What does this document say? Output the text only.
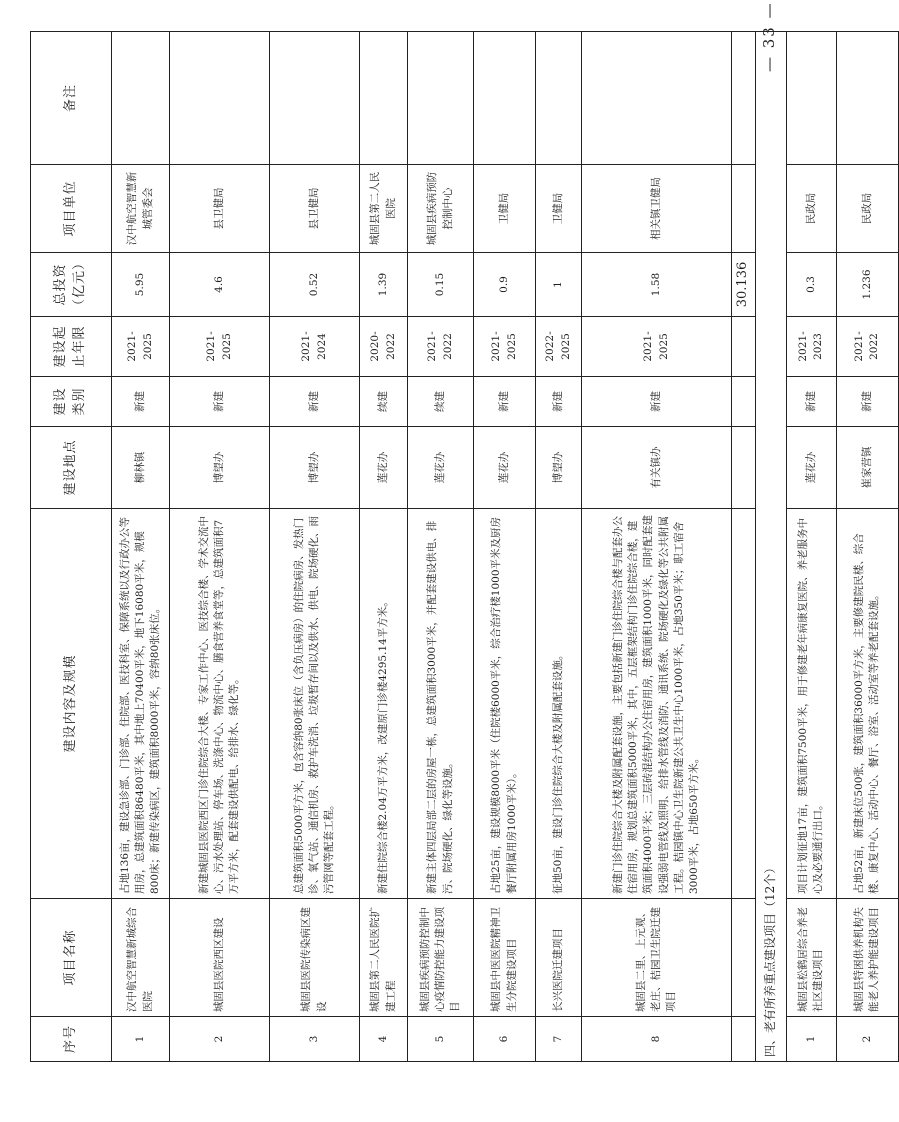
序号	项目名称	建设内容及规模	建设地点	建设类别	建设起止年限	总投资（亿元）	项目单位	备注
1	汉中航空智慧新城综合医院	占地136亩，建设急诊部、门诊部、住院部、医技科室、保障系统以及行政办公等用房，总建筑面积86480平米，其中地上70400平米，地下16080平米，规模800床；新建传染病区，建筑面积8000平米，容纳80张床位。	柳林镇	新建	2021-2025	5.95	汉中航空智慧新城管委会	
2	城固县医院西区建设	新建城固县医院西区门诊住院综合大楼、专家工作中心、医技综合楼、学术交流中心、污水处理站、停车场、洗涤中心、物流中心、膳食营养食堂等，总建筑面积7万平方米，配套建设供配电、给排水、绿化等。	博望办	新建	2021-2025	4.6	县卫健局	
3	城固县医院传染病区建设	总建筑面积5000平方米，包含容纳80张床位（含负压病房）的住院病房、发热门诊、氧气站、通信机房、救护车洗消、垃圾暂存间以及供水、供电、院场硬化、雨污管网等配套工程。	博望办	新建	2021-2024	0.52	县卫健局	
4	城固县第二人民医院扩建工程	新建住院综合楼2.04万平方米，改建原门诊楼4295.14平方米。	莲花办	续建	2020-2022	1.39	城固县第二人民医院	
5	城固县疾病预防控制中心疫情防控能力建设项目	新建主体四层局部二层的房屋一栋，总建筑面积3000平米，并配套建设供电、排污、院场硬化、绿化等设施。	莲花办	续建	2021-2022	0.15	城固县疾病预防控制中心	
6	城固县中医医院精神卫生分院建设项目	占地25亩，建设规模8000平米（住院楼6000平米，综合治疗楼1000平米及厨房餐厅附属用房1000平米）。	莲花办	新建	2021-2025	0.9	卫健局	
7	长兴医院迁建项目	征地50亩，建设门诊住院综合大楼及附属配套设施。	博望办	新建	2022-2025	1	卫健局	
8	城固县二里、上元观、老庄、桔园卫生院迁建项目	新建门诊住院综合大楼及附属配套设施，主要包括新建门诊住院综合楼与配套办公住宿用房，规划总建筑面积5000平米，其中，五层框架结构门诊住院综合楼，建筑面积4000平米；三层砖混结构办公住宿用房，建筑面积1000平米，同时配套建设强弱电管线及照明、给排水管线及消防、通讯系统、院场硬化及绿化等公共附属工程。桔园镇中心卫生院新建公共卫生中心1000平米，占地350平米；职工宿舍3000平米，占地650平方米。	有关镇办	新建	2021-2025	1.58	相关镇卫健局	
						30.136		
四、老有所养重点建设项目（12个）								
1	城固县松鹤居综合养老社区建设项目	项目计划征地17亩，建筑面积7500平米，用于修建老年病康复医院、养老服务中心及必要通行出口。	莲花办	新建	2021-2023	0.3	民政局	
2	城固县特困供养机构失能老人养护能建设项目	占地52亩，新建床位500张，建筑面积36000平方米，主要修建院民楼、综合楼、康复中心、活动中心、餐厅、浴室、活动室等养老配套设施。	崔家营镇	新建	2021-2022	1.236	民政局	
— 33 —
